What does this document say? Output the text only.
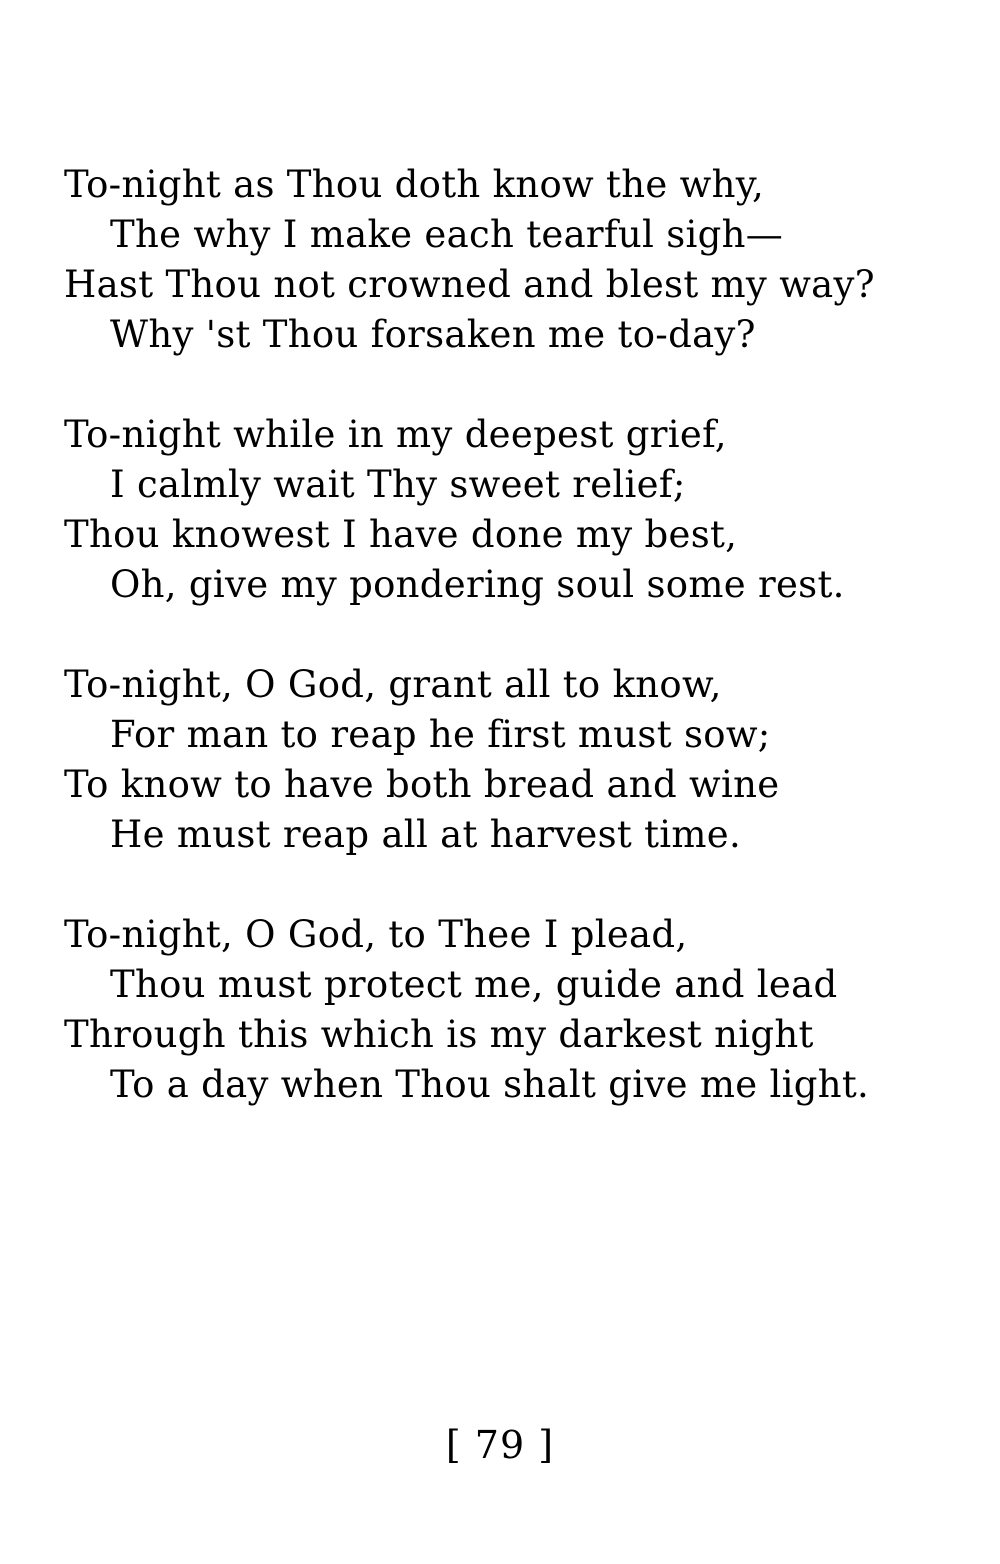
To-night as Thou doth know the why,
The why I make each tearful sigh—
Hast Thou not crowned and blest my way?
Why 'st Thou forsaken me to-day?
To-night while in my deepest grief,
I calmly wait Thy sweet relief;
Thou knowest I have done my best,
Oh, give my pondering soul some rest.
To-night, O God, grant all to know,
For man to reap he first must sow;
To know to have both bread and wine
He must reap all at harvest time.
To-night, O God, to Thee I plead,
Thou must protect me, guide and lead
Through this which is my darkest night
To a day when Thou shalt give me light.
[ 79 ]
